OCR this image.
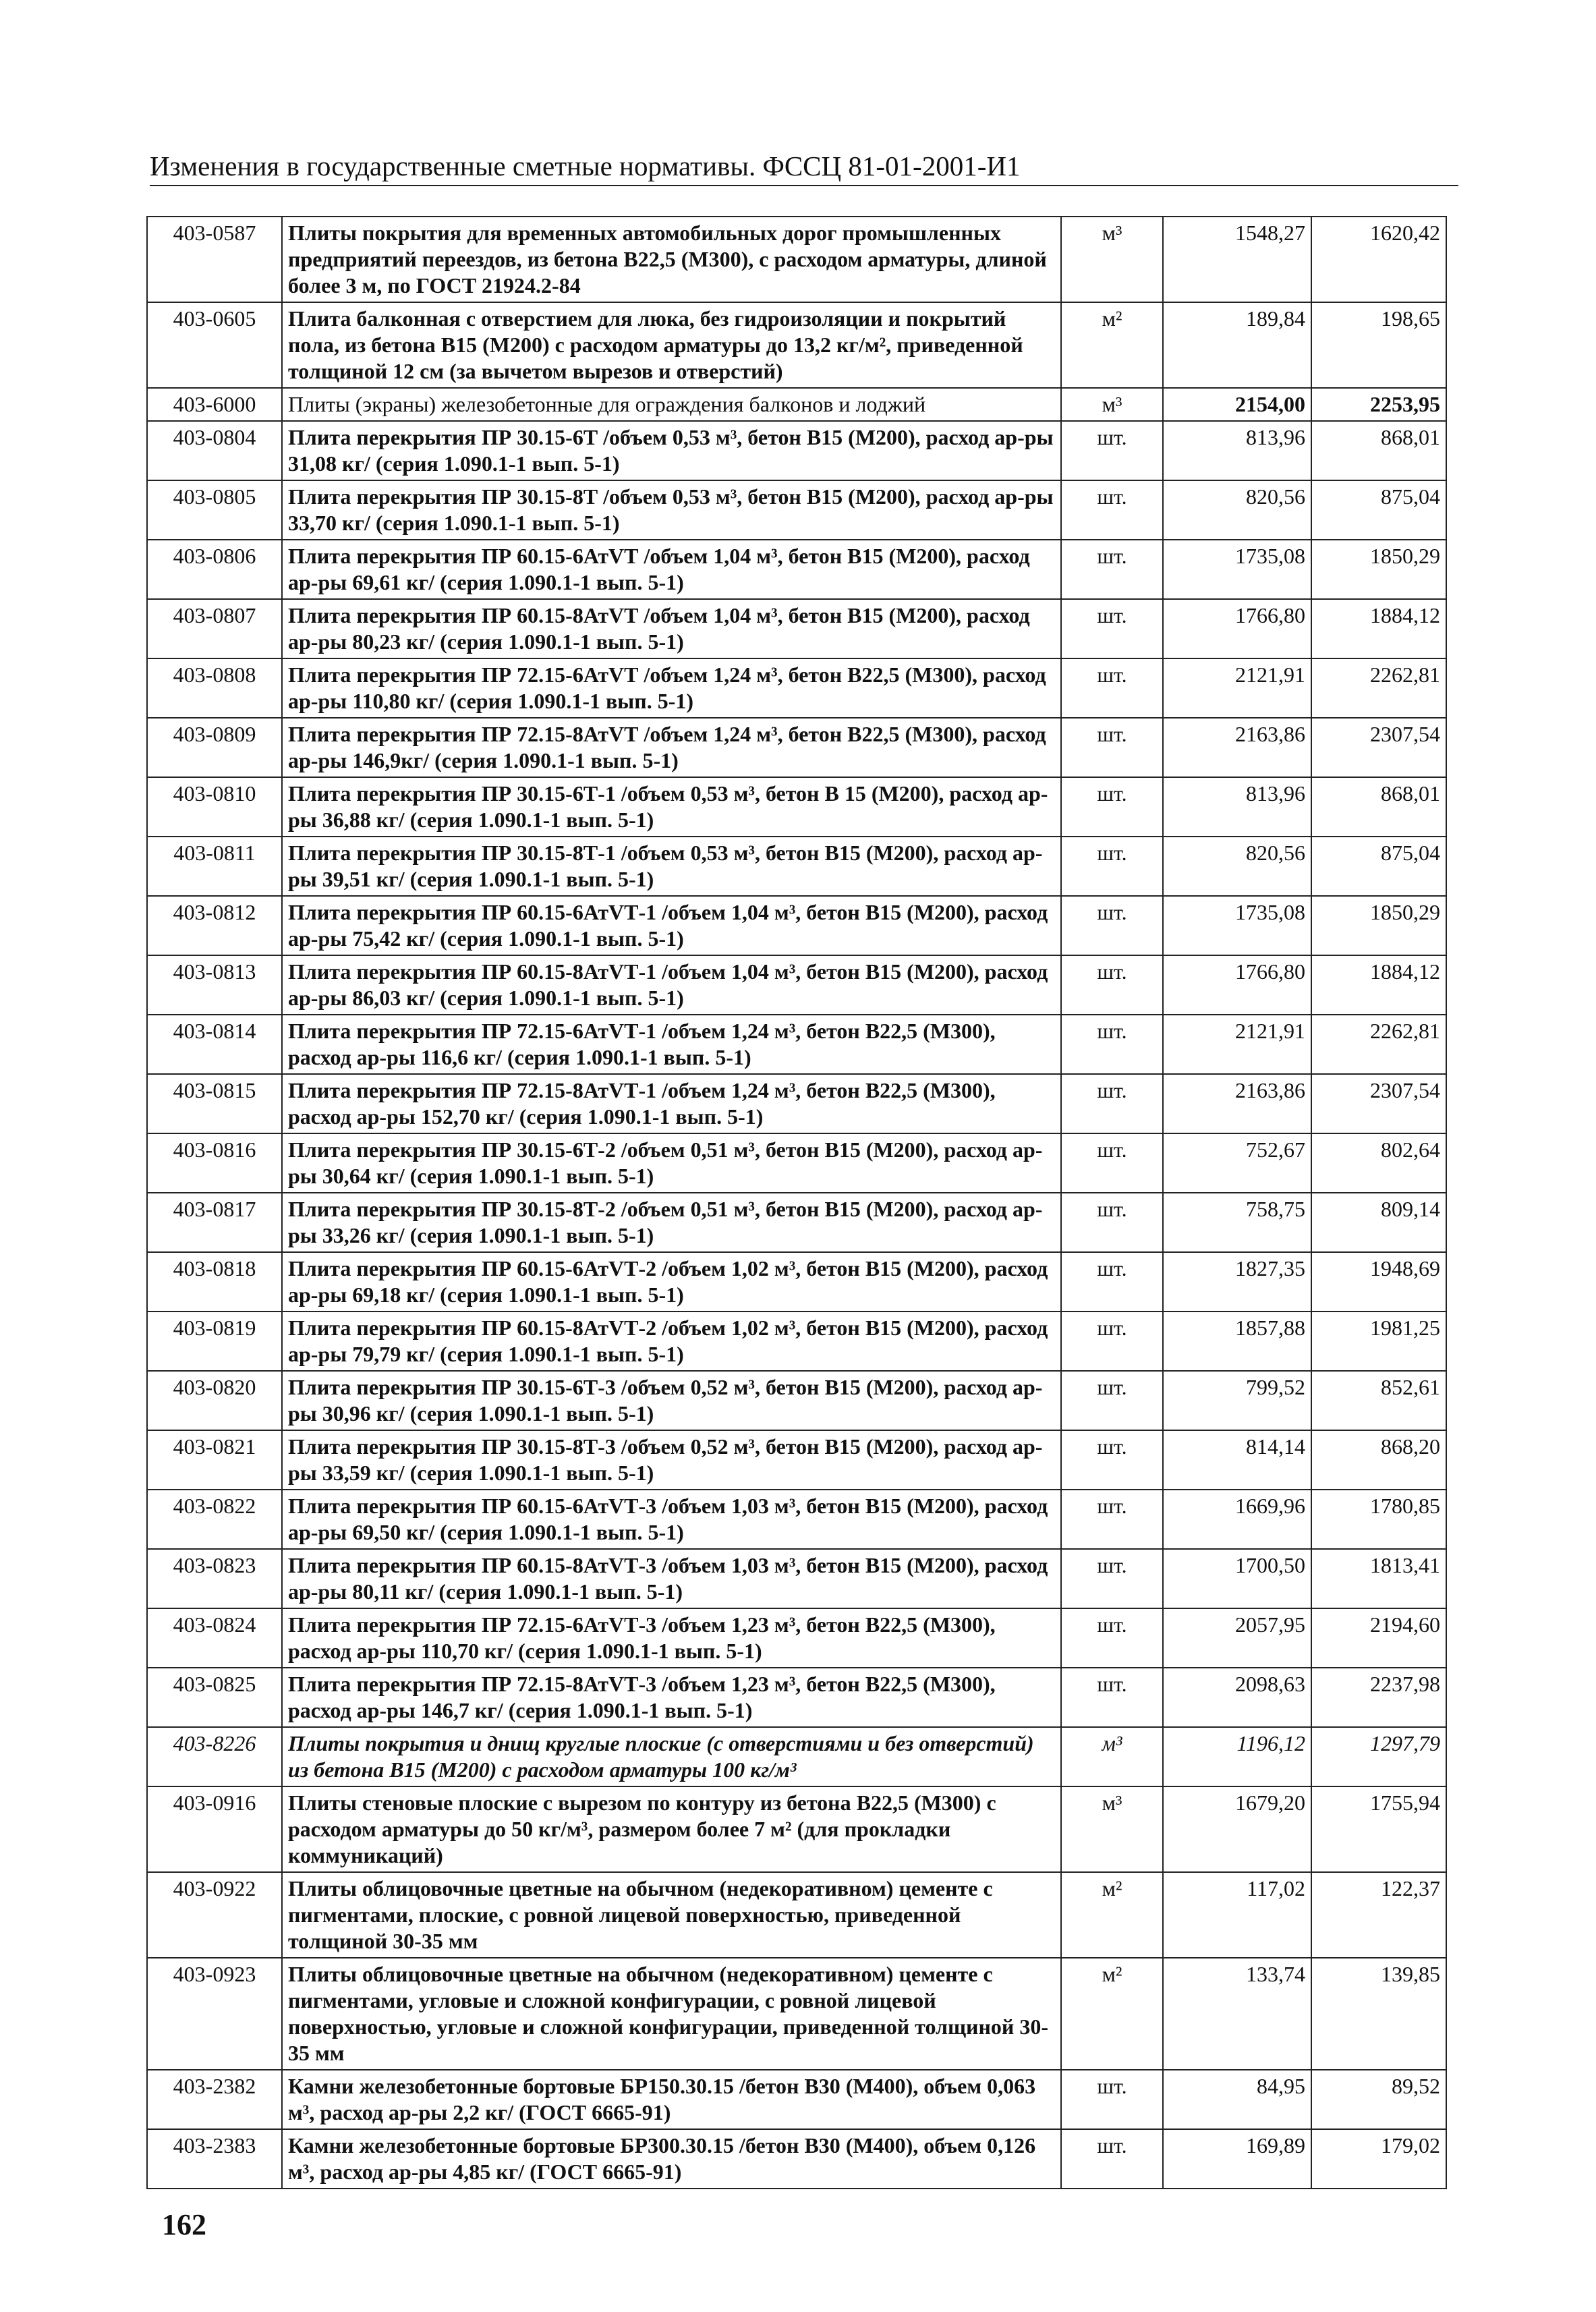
Изменения в государственные сметные нормативы. ФССЦ 81-01-2001-И1
403-0587	Плиты покрытия для временных автомобильных дорог промышленных предприятий переездов, из бетона В22,5 (М300), с расходом арматуры, длиной более 3 м, по ГОСТ 21924.2-84	м³	1548,27	1620,42
403-0605	Плита балконная с отверстием для люка, без гидроизоляции и покрытий пола, из бетона В15 (М200) с расходом арматуры до 13,2 кг/м², приведенной толщиной 12 см (за вычетом вырезов и отверстий)	м²	189,84	198,65
403-6000	Плиты (экраны) железобетонные для ограждения балконов и лоджий	м³	2154,00	2253,95
403-0804	Плита перекрытия ПР 30.15-6Т /объем 0,53 м³, бетон В15 (М200), расход ар-ры 31,08 кг/ (серия 1.090.1-1 вып. 5-1)	шт.	813,96	868,01
403-0805	Плита перекрытия ПР 30.15-8Т /объем 0,53 м³, бетон В15 (М200), расход ар-ры 33,70 кг/ (серия 1.090.1-1 вып. 5-1)	шт.	820,56	875,04
403-0806	Плита перекрытия ПР 60.15-6АтVТ /объем 1,04 м³, бетон В15 (М200), расход ар-ры 69,61 кг/ (серия 1.090.1-1 вып. 5-1)	шт.	1735,08	1850,29
403-0807	Плита перекрытия ПР 60.15-8АтVТ /объем 1,04 м³, бетон В15 (М200), расход ар-ры 80,23 кг/ (серия 1.090.1-1 вып. 5-1)	шт.	1766,80	1884,12
403-0808	Плита перекрытия ПР 72.15-6АтVТ /объем 1,24 м³, бетон В22,5 (М300), расход ар-ры 110,80 кг/ (серия 1.090.1-1 вып. 5-1)	шт.	2121,91	2262,81
403-0809	Плита перекрытия ПР 72.15-8АтVТ /объем 1,24 м³, бетон В22,5 (М300), расход ар-ры 146,9кг/ (серия 1.090.1-1 вып. 5-1)	шт.	2163,86	2307,54
403-0810	Плита перекрытия ПР 30.15-6Т-1 /объем 0,53 м³, бетон В 15 (М200), расход ар-ры 36,88 кг/ (серия 1.090.1-1 вып. 5-1)	шт.	813,96	868,01
403-0811	Плита перекрытия ПР 30.15-8Т-1 /объем 0,53 м³, бетон В15 (М200), расход ар-ры 39,51 кг/ (серия 1.090.1-1 вып. 5-1)	шт.	820,56	875,04
403-0812	Плита перекрытия ПР 60.15-6АтVТ-1 /объем 1,04 м³, бетон В15 (М200), расход ар-ры 75,42 кг/ (серия 1.090.1-1 вып. 5-1)	шт.	1735,08	1850,29
403-0813	Плита перекрытия ПР 60.15-8АтVТ-1 /объем 1,04 м³, бетон В15 (М200), расход ар-ры 86,03 кг/ (серия 1.090.1-1 вып. 5-1)	шт.	1766,80	1884,12
403-0814	Плита перекрытия ПР 72.15-6АтVТ-1 /объем 1,24 м³, бетон В22,5 (М300), расход ар-ры 116,6 кг/ (серия 1.090.1-1 вып. 5-1)	шт.	2121,91	2262,81
403-0815	Плита перекрытия ПР 72.15-8АтVТ-1 /объем 1,24 м³, бетон В22,5 (М300), расход ар-ры 152,70 кг/ (серия 1.090.1-1 вып. 5-1)	шт.	2163,86	2307,54
403-0816	Плита перекрытия ПР 30.15-6Т-2 /объем 0,51 м³, бетон В15 (М200), расход ар-ры 30,64 кг/ (серия 1.090.1-1 вып. 5-1)	шт.	752,67	802,64
403-0817	Плита перекрытия ПР 30.15-8Т-2 /объем 0,51 м³, бетон В15 (М200), расход ар-ры 33,26 кг/ (серия 1.090.1-1 вып. 5-1)	шт.	758,75	809,14
403-0818	Плита перекрытия ПР 60.15-6АтVТ-2 /объем 1,02 м³, бетон В15 (М200), расход ар-ры 69,18 кг/ (серия 1.090.1-1 вып. 5-1)	шт.	1827,35	1948,69
403-0819	Плита перекрытия ПР 60.15-8АтVТ-2 /объем 1,02 м³, бетон В15 (М200), расход ар-ры 79,79 кг/ (серия 1.090.1-1 вып. 5-1)	шт.	1857,88	1981,25
403-0820	Плита перекрытия ПР 30.15-6Т-3 /объем 0,52 м³, бетон В15 (М200), расход ар-ры 30,96 кг/ (серия 1.090.1-1 вып. 5-1)	шт.	799,52	852,61
403-0821	Плита перекрытия ПР 30.15-8Т-3 /объем 0,52 м³, бетон В15 (М200), расход ар-ры 33,59 кг/ (серия 1.090.1-1 вып. 5-1)	шт.	814,14	868,20
403-0822	Плита перекрытия ПР 60.15-6АтVТ-3 /объем 1,03 м³, бетон В15 (М200), расход ар-ры 69,50 кг/ (серия 1.090.1-1 вып. 5-1)	шт.	1669,96	1780,85
403-0823	Плита перекрытия ПР 60.15-8АтVТ-3 /объем 1,03 м³, бетон В15 (М200), расход ар-ры 80,11 кг/ (серия 1.090.1-1 вып. 5-1)	шт.	1700,50	1813,41
403-0824	Плита перекрытия ПР 72.15-6АтVТ-3 /объем 1,23 м³, бетон В22,5 (М300), расход ар-ры 110,70 кг/ (серия 1.090.1-1 вып. 5-1)	шт.	2057,95	2194,60
403-0825	Плита перекрытия ПР 72.15-8АтVТ-3 /объем 1,23 м³, бетон В22,5 (М300), расход ар-ры 146,7 кг/ (серия 1.090.1-1 вып. 5-1)	шт.	2098,63	2237,98
403-8226	Плиты покрытия и днищ круглые плоские (с отверстиями и без отверстий) из бетона В15 (М200) с расходом арматуры 100 кг/м³	м³	1196,12	1297,79
403-0916	Плиты стеновые плоские с вырезом по контуру из бетона В22,5 (М300) с расходом арматуры до 50 кг/м³, размером более 7 м² (для прокладки коммуникаций)	м³	1679,20	1755,94
403-0922	Плиты облицовочные цветные на обычном (недекоративном) цементе с пигментами, плоские, с ровной лицевой поверхностью, приведенной толщиной 30-35 мм	м²	117,02	122,37
403-0923	Плиты облицовочные цветные на обычном (недекоративном) цементе с пигментами, угловые и сложной конфигурации, с ровной лицевой поверхностью, угловые и сложной конфигурации, приведенной толщиной 30-35 мм	м²	133,74	139,85
403-2382	Камни железобетонные бортовые БР150.30.15 /бетон В30 (М400), объем 0,063 м³, расход ар-ры 2,2 кг/ (ГОСТ 6665-91)	шт.	84,95	89,52
403-2383	Камни железобетонные бортовые БР300.30.15 /бетон В30 (М400), объем 0,126 м³, расход ар-ры 4,85 кг/ (ГОСТ 6665-91)	шт.	169,89	179,02
162
